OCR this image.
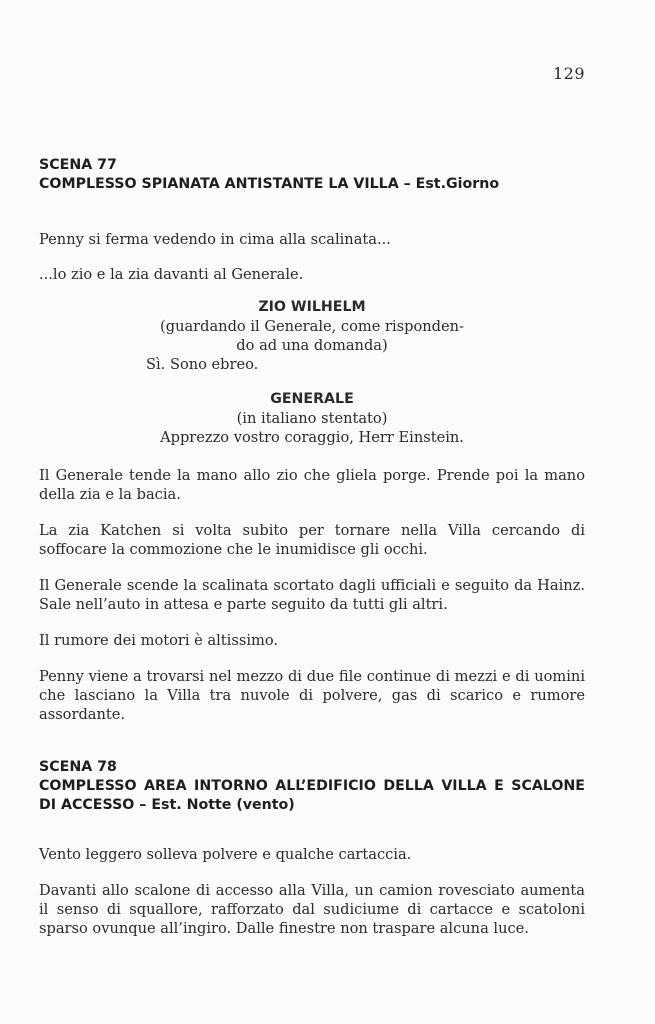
129
SCENA 77
COMPLESSO SPIANATA ANTISTANTE LA VILLA – Est.Giorno

Penny si ferma vedendo in cima alla scalinata...

...lo zio e la zia davanti al Generale.

ZIO WILHELM
(guardando il Generale, come risponden-
do ad una domanda)
Sì. Sono ebreo.
GENERALE
(in italiano stentato)
Apprezzo vostro coraggio, Herr Einstein.

Il Generale tende la mano allo zio che gliela porge. Prende poi la mano della zia e la bacia.

La zia Katchen si volta subito per tornare nella Villa cercando di soffocare la commozione che le inumidisce gli occhi.

Il Generale scende la scalinata scortato dagli ufficiali e seguito da Hainz. Sale nell’auto in attesa e parte seguito da tutti gli altri.

Il rumore dei motori è altissimo.

Penny viene a trovarsi nel mezzo di due file continue di mezzi e di uomini che lasciano la Villa tra nuvole di polvere, gas di scarico e rumore assordante.

SCENA 78
COMPLESSO AREA INTORNO ALL’EDIFICIO DELLA VILLA E SCALONE DI ACCESSO – Est. Notte (vento)

Vento leggero solleva polvere e qualche cartaccia.

Davanti allo scalone di accesso alla Villa, un camion rovesciato aumenta il senso di squallore, rafforzato dal sudiciume di cartacce e scatoloni sparso ovunque all’ingiro. Dalle finestre non traspare alcuna luce.
